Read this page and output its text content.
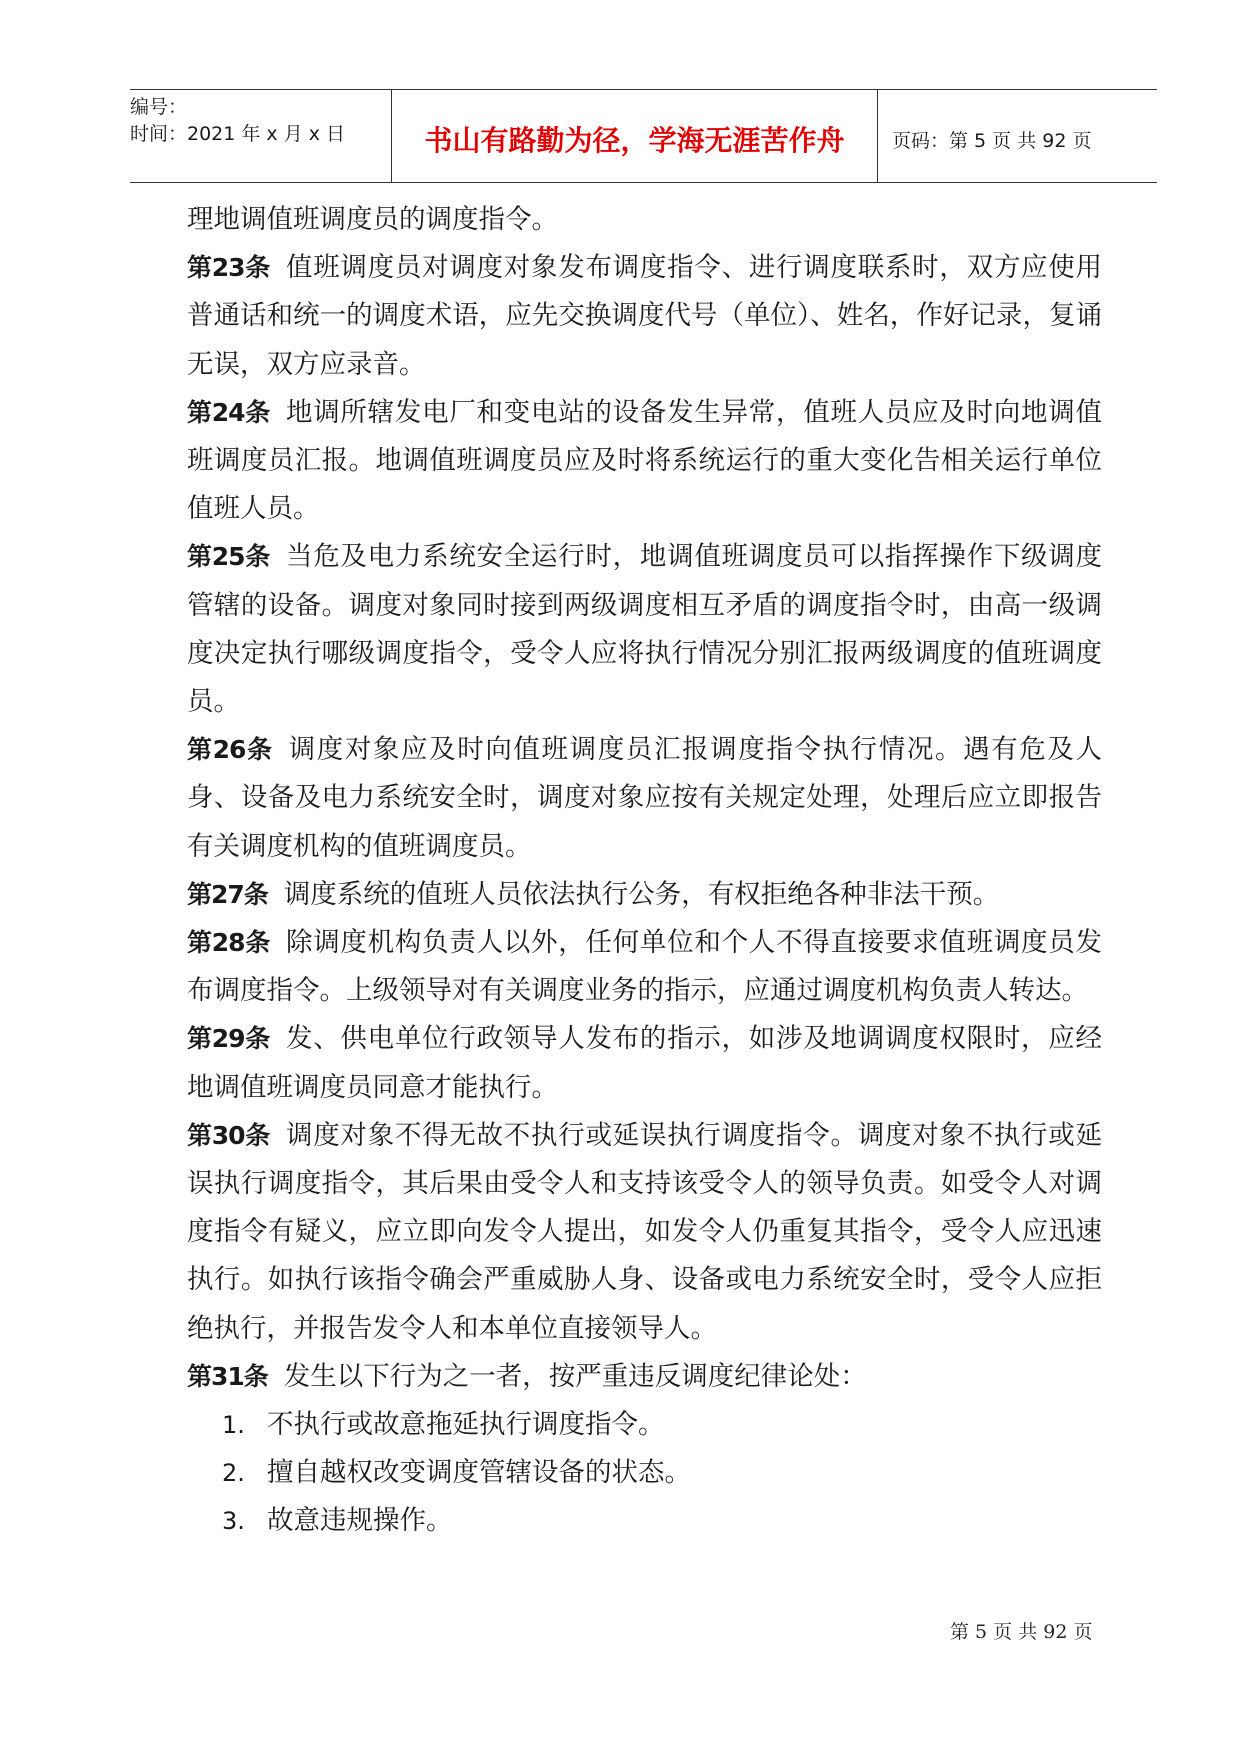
编号：
时间：2021 年 x 月 x 日	书山有路勤为径，学海无涯苦作舟	页码：第 5 页 共 92 页

理地调值班调度员的调度指令。

第23条 值班调度员对调度对象发布调度指令、进行调度联系时，双方应使用普通话和统一的调度术语，应先交换调度代号（单位）、姓名，作好记录，复诵无误，双方应录音。

第24条 地调所辖发电厂和变电站的设备发生异常，值班人员应及时向地调值班调度员汇报。地调值班调度员应及时将系统运行的重大变化告相关运行单位值班人员。

第25条 当危及电力系统安全运行时，地调值班调度员可以指挥操作下级调度管辖的设备。调度对象同时接到两级调度相互矛盾的调度指令时，由高一级调度决定执行哪级调度指令，受令人应将执行情况分别汇报两级调度的值班调度员。

第26条 调度对象应及时向值班调度员汇报调度指令执行情况。遇有危及人身、设备及电力系统安全时，调度对象应按有关规定处理，处理后应立即报告有关调度机构的值班调度员。

第27条 调度系统的值班人员依法执行公务，有权拒绝各种非法干预。

第28条 除调度机构负责人以外，任何单位和个人不得直接要求值班调度员发布调度指令。上级领导对有关调度业务的指示，应通过调度机构负责人转达。

第29条 发、供电单位行政领导人发布的指示，如涉及地调调度权限时，应经地调值班调度员同意才能执行。

第30条 调度对象不得无故不执行或延误执行调度指令。调度对象不执行或延误执行调度指令，其后果由受令人和支持该受令人的领导负责。如受令人对调度指令有疑义，应立即向发令人提出，如发令人仍重复其指令，受令人应迅速执行。如执行该指令确会严重威胁人身、设备或电力系统安全时，受令人应拒绝执行，并报告发令人和本单位直接领导人。

第31条 发生以下行为之一者，按严重违反调度纪律论处：

1. 不执行或故意拖延执行调度指令。

2. 擅自越权改变调度管辖设备的状态。

3. 故意违规操作。

第 5 页 共 92 页
